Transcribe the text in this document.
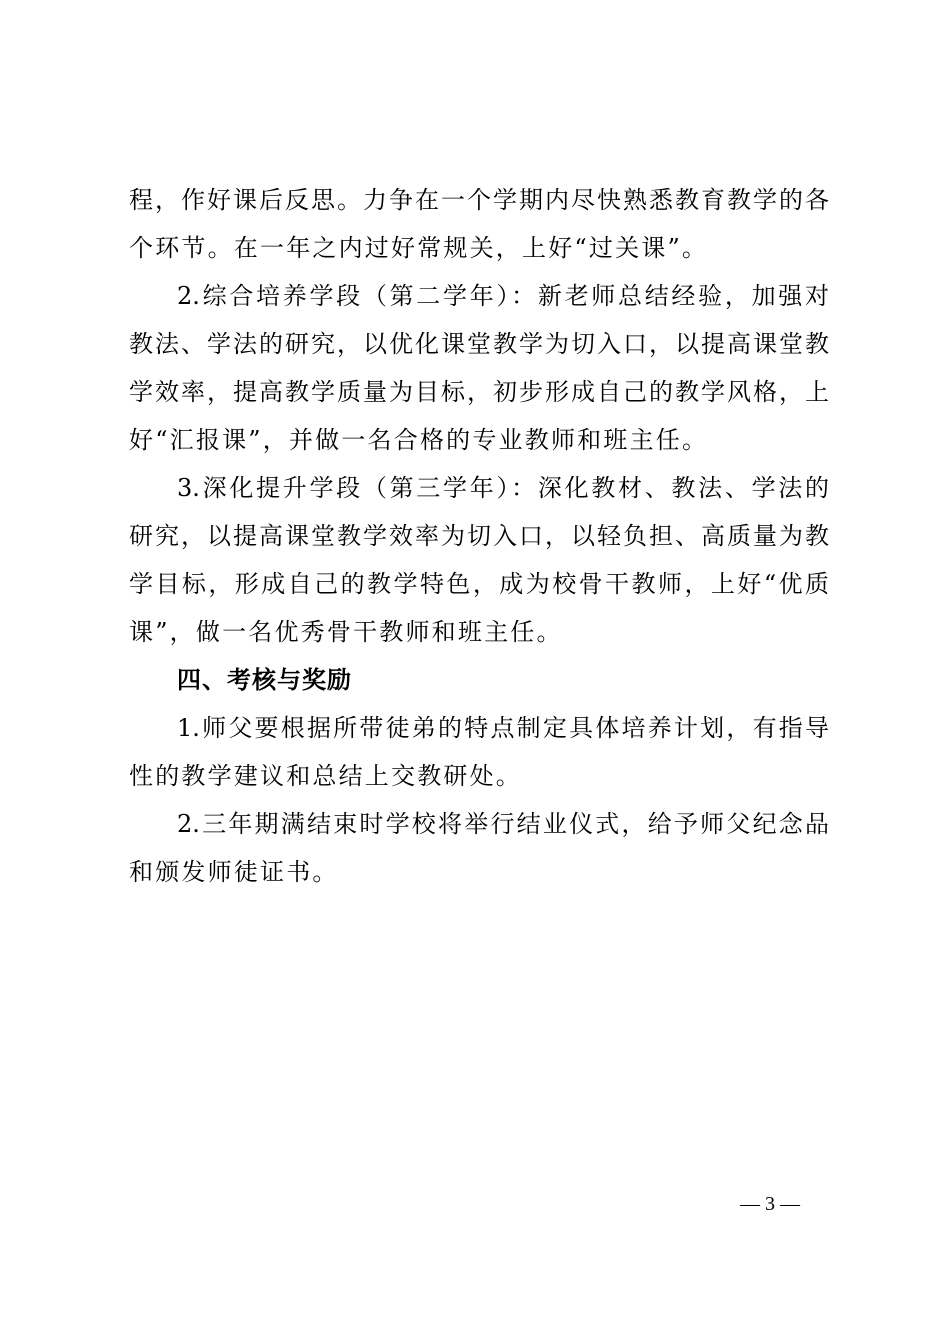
程，作好课后反思。力争在一个学期内尽快熟悉教育教学的各
个环节。在一年之内过好常规关，上好“过关课”。
2.综合培养学段（第二学年）：新老师总结经验，加强对
教法、学法的研究，以优化课堂教学为切入口，以提高课堂教
学效率，提高教学质量为目标，初步形成自己的教学风格，上
好“汇报课”，并做一名合格的专业教师和班主任。
3.深化提升学段（第三学年）：深化教材、教法、学法的
研究，以提高课堂教学效率为切入口，以轻负担、高质量为教
学目标，形成自己的教学特色，成为校骨干教师，上好“优质
课”，做一名优秀骨干教师和班主任。
四、考核与奖励
1.师父要根据所带徒弟的特点制定具体培养计划，有指导
性的教学建议和总结上交教研处。
2.三年期满结束时学校将举行结业仪式，给予师父纪念品
和颁发师徒证书。
— 3 —
